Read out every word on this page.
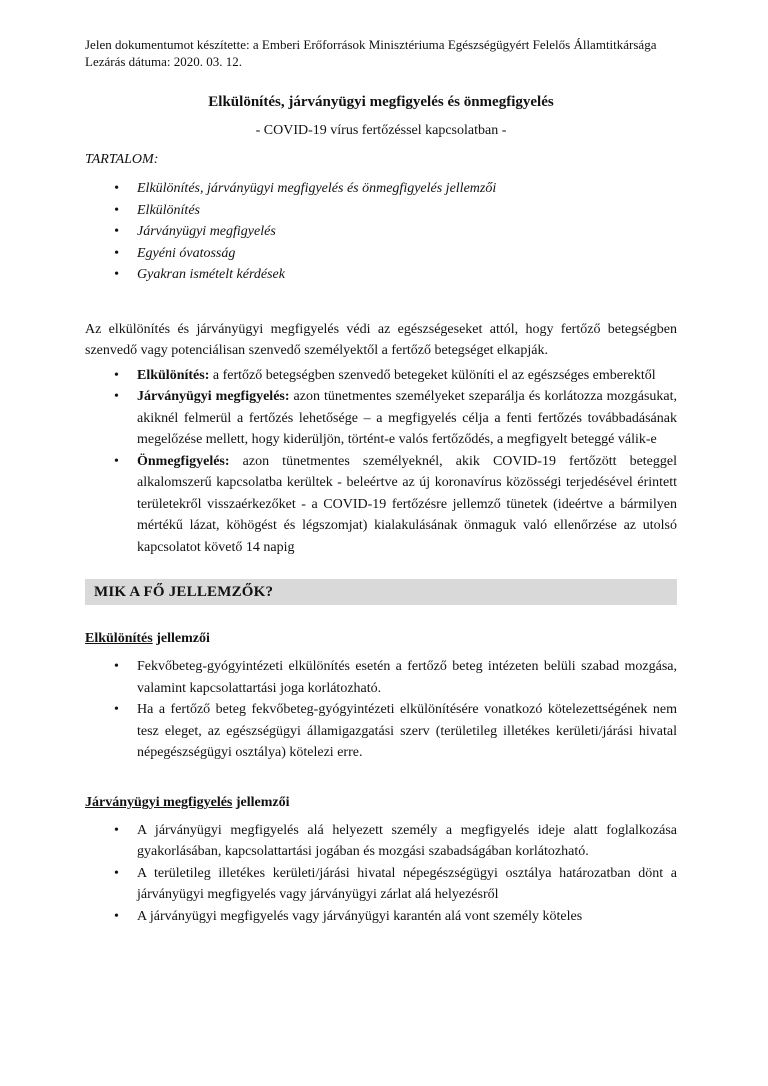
Jelen dokumentumot készítette: a Emberi Erőforrások Minisztériuma Egészségügyért Felelős Államtitkársága

Lezárás dátuma: 2020. 03. 12.

Elkülönítés, járványügyi megfigyelés és önmegfigyelés

- COVID-19 vírus fertőzéssel kapcsolatban -

TARTALOM:
•
Elkülönítés, járványügyi megfigyelés és önmegfigyelés jellemzői
•
Elkülönítés
•
Járványügyi megfigyelés
•
Egyéni óvatosság
•
Gyakran ismételt kérdések

Az elkülönítés és járványügyi megfigyelés védi az egészségeseket attól, hogy fertőző betegségben szenvedő vagy potenciálisan szenvedő személyektől a fertőző betegséget elkapják.

•
Elkülönítés: a fertőző betegségben szenvedő betegeket különíti el az egészséges emberektől
•
Járványügyi megfigyelés: azon tünetmentes személyeket szeparálja és korlátozza mozgásukat, akiknél felmerül a fertőzés lehetősége – a megfigyelés célja a fenti fertőzés továbbadásának megelőzése mellett, hogy kiderüljön, történt-e valós fertőződés, a megfigyelt beteggé válik-e
•
Önmegfigyelés: azon tünetmentes személyeknél, akik COVID-19 fertőzött beteggel alkalomszerű kapcsolatba kerültek - beleértve az új koronavírus közösségi terjedésével érintett területekről visszaérkezőket - a COVID-19 fertőzésre jellemző tünetek (ideértve a bármilyen mértékű lázat, köhögést és légszomjat) kialakulásának önmaguk való ellenőrzése az utolsó kapcsolatot követő 14 napig
MIK A FŐ JELLEMZŐK?
Elkülönítés jellemzői
•
Fekvőbeteg-gyógyintézeti elkülönítés esetén a fertőző beteg intézeten belüli szabad mozgása, valamint kapcsolattartási joga korlátozható.
•
Ha a fertőző beteg fekvőbeteg-gyógyintézeti elkülönítésére vonatkozó kötelezettségének nem tesz eleget, az egészségügyi államigazgatási szerv (területileg illetékes kerületi/járási hivatal népegészségügyi osztálya) kötelezi erre.
Járványügyi megfigyelés jellemzői
•
A járványügyi megfigyelés alá helyezett személy a megfigyelés ideje alatt foglalkozása gyakorlásában, kapcsolattartási jogában és mozgási szabadságában korlátozható.
•
A területileg illetékes kerületi/járási hivatal népegészségügyi osztálya határozatban dönt a járványügyi megfigyelés vagy járványügyi zárlat alá helyezésről
•
A járványügyi megfigyelés vagy járványügyi karantén alá vont személy köteles
